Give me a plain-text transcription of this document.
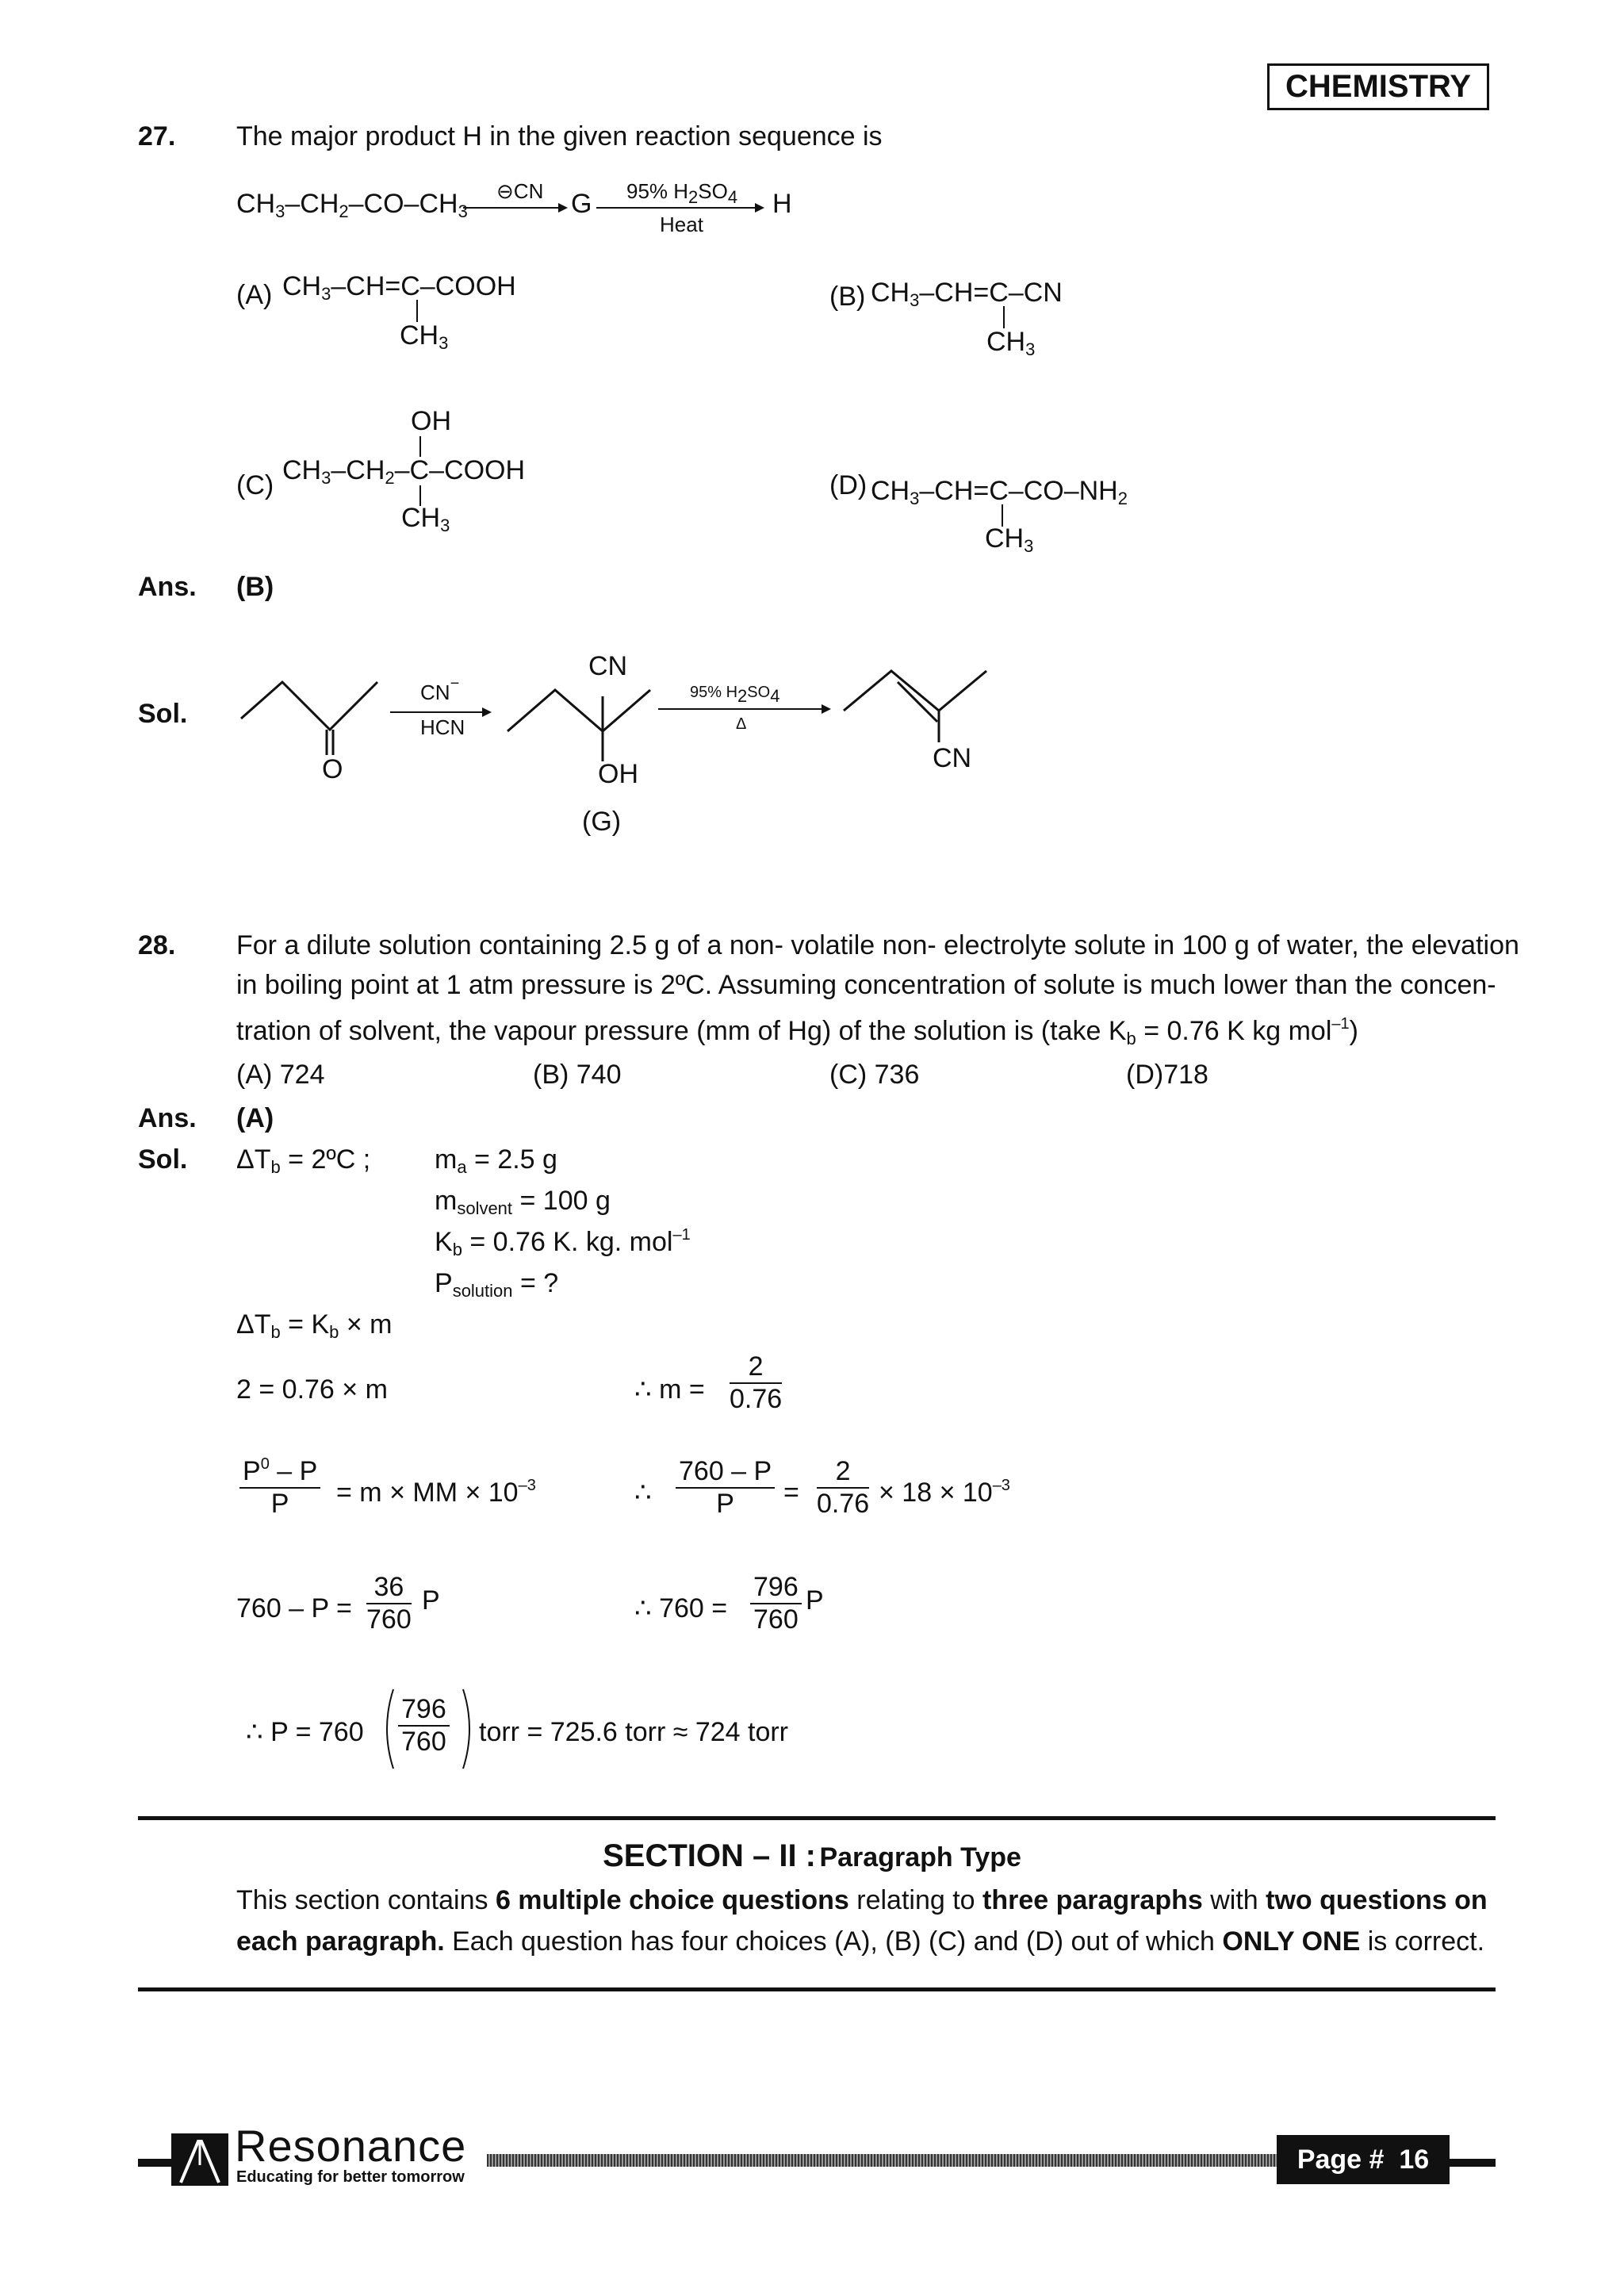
CHEMISTRY
27. The major product H in the given reaction sequence is
$CH_3-CH_2-CO-CH_3$
⊖CN G 95% $H_2SO_4$
Heat
H
(A) $CH_3-CH=C$–COOH
$CH_3$
(B) $CH_3-CH=C-CN$
$CH_3$
OH
(C) $CH_3-CH_2-C$–COOH
$CH_3$
(D) $CH_3-CH=C-CO-NH_2$
$CH_3$
Ans. (B)
Sol.
O
CN−
HCN
CN
OH
(G)
95% $H_2SO_4$
Δ
CN
28. For a dilute solution containing 2.5 g of a non- volatile non- electrolyte solute in 100 g of water, the elevation
in boiling point at 1 atm pressure is 2ºC. Assuming concentration of solute is much lower than the concen-
tration of solvent, the vapour pressure (mm of Hg) of the solution is (take $K_b = 0.76$ K kg mol$^{-1}$)
(A) 724	(B) 740	(C) 736	(D)718
Ans. (A)
Sol. $\Delta T_b$ = 2ºC ; $m_a = 2.5$ g
$m_{solvent} = 100$ g
$K_b = 0.76$ K. kg. mol$^{-1}$
$P_{solution}$ = ?
$\Delta T_b = K_b \times m$
2 = 0.76 × m	∴ $m = \frac{2}{0.76}$
$\frac{P^0 - P}{P} = m$ × MM × $10^{-3}$	∴ $\frac{760 - P}{P} = \frac{2}{0.76} \times 18 \times 10^{-3}$
$760 - P = \frac{36}{760}$ P	∴ $760 = \frac{796}{760}$ P
∴ $P = 760 \frac{796}{760}$ torr = 725.6 torr ≈ 724 torr
SECTION – II : Paragraph Type
This section contains 6 multiple choice questions relating to three paragraphs with two questions on
each paragraph. Each question has four choices (A), (B) (C) and (D) out of which ONLY ONE is correct.
Resonance
Educating for better tomorrow
Page #  16
